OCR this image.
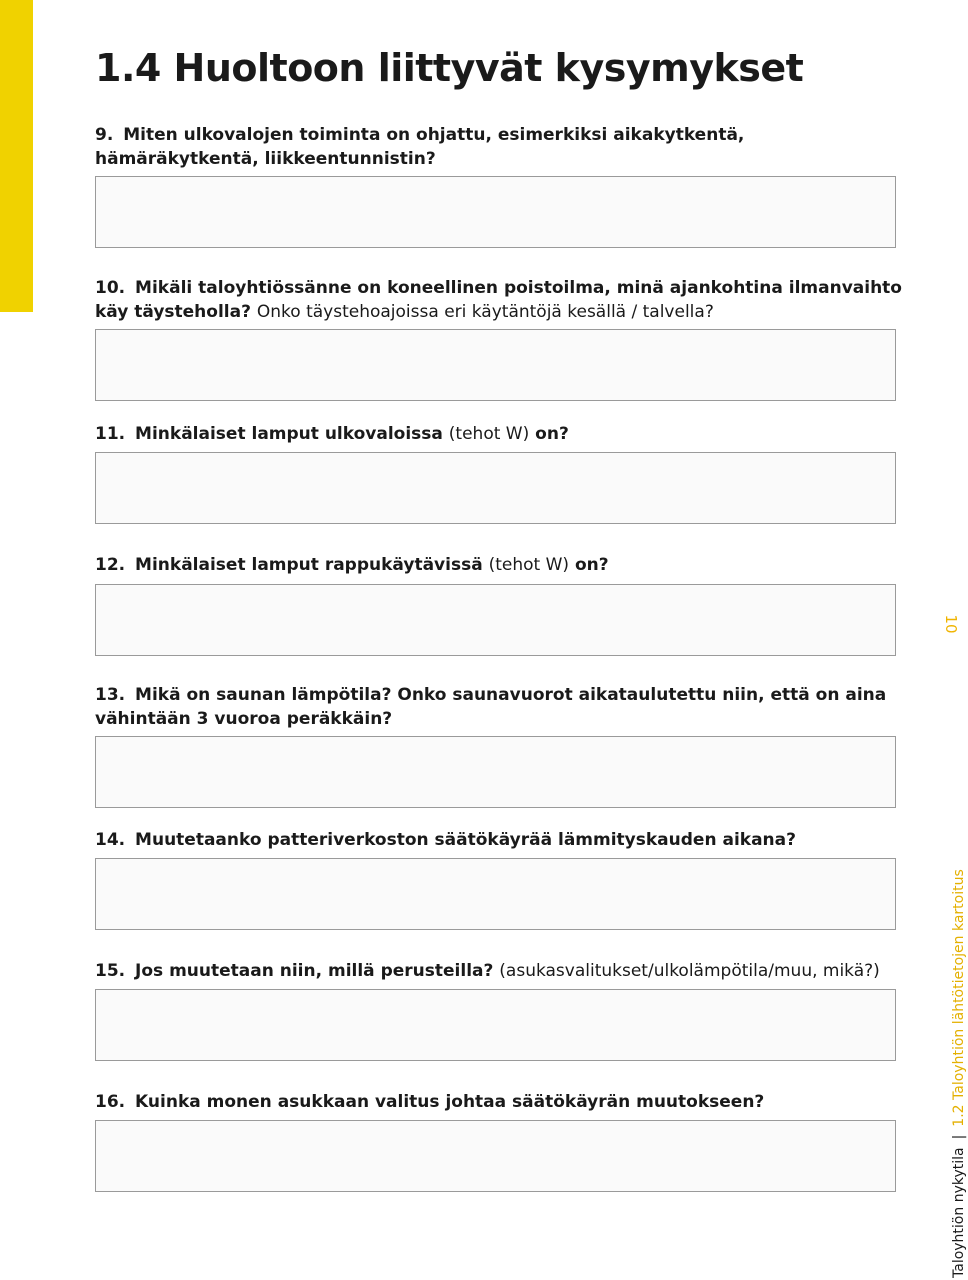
1.4 Huoltoon liittyvät kysymykset

9. Miten ulkovalojen toiminta on ohjattu, esimerkiksi aikakytkentä, hämäräkytkentä, liikkeentunnistin?

10. Mikäli taloyhtiössänne on koneellinen poistoilma, minä ajankohtina ilmanvaihto käy täysteholla? Onko täystehoajoissa eri käytäntöjä kesällä / talvella?

11. Minkälaiset lamput ulkovaloissa (tehot W) on?

12. Minkälaiset lamput rappukäytävissä (tehot W) on?

13. Mikä on saunan lämpötila? Onko saunavuorot aikataulutettu niin, että on aina vähintään 3 vuoroa peräkkäin?

14. Muutetaanko patteriverkoston säätökäyrää lämmityskauden aikana?

15. Jos muutetaan niin, millä perusteilla? (asukasvalitukset/ulkolämpötila/muu, mikä?)

16. Kuinka monen asukkaan valitus johtaa säätökäyrän muutokseen?

10
Taloyhtiön nykytila|1.2 Taloyhtiön lähtötietojen kartoitus
